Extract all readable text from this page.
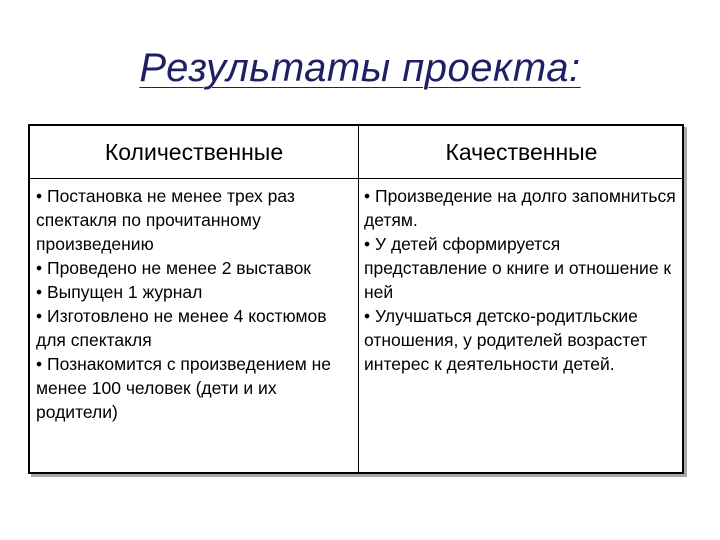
Результаты проекта:
Количественные	Качественные

• Постановка не менее трех раз спектакля по прочитанному произведению

• Проведено не менее 2 выставок

• Выпущен 1 журнал

• Изготовлено не менее 4 костюмов для спектакля

• Познакомится с произведением не менее 100 человек (дети и их родители)

• Произведение на долго запомниться детям.

• У детей сформируется представление о книге и отношение к ней

• Улучшаться детско-родитльские отношения, у родителей возрастет интерес к деятельности детей.
